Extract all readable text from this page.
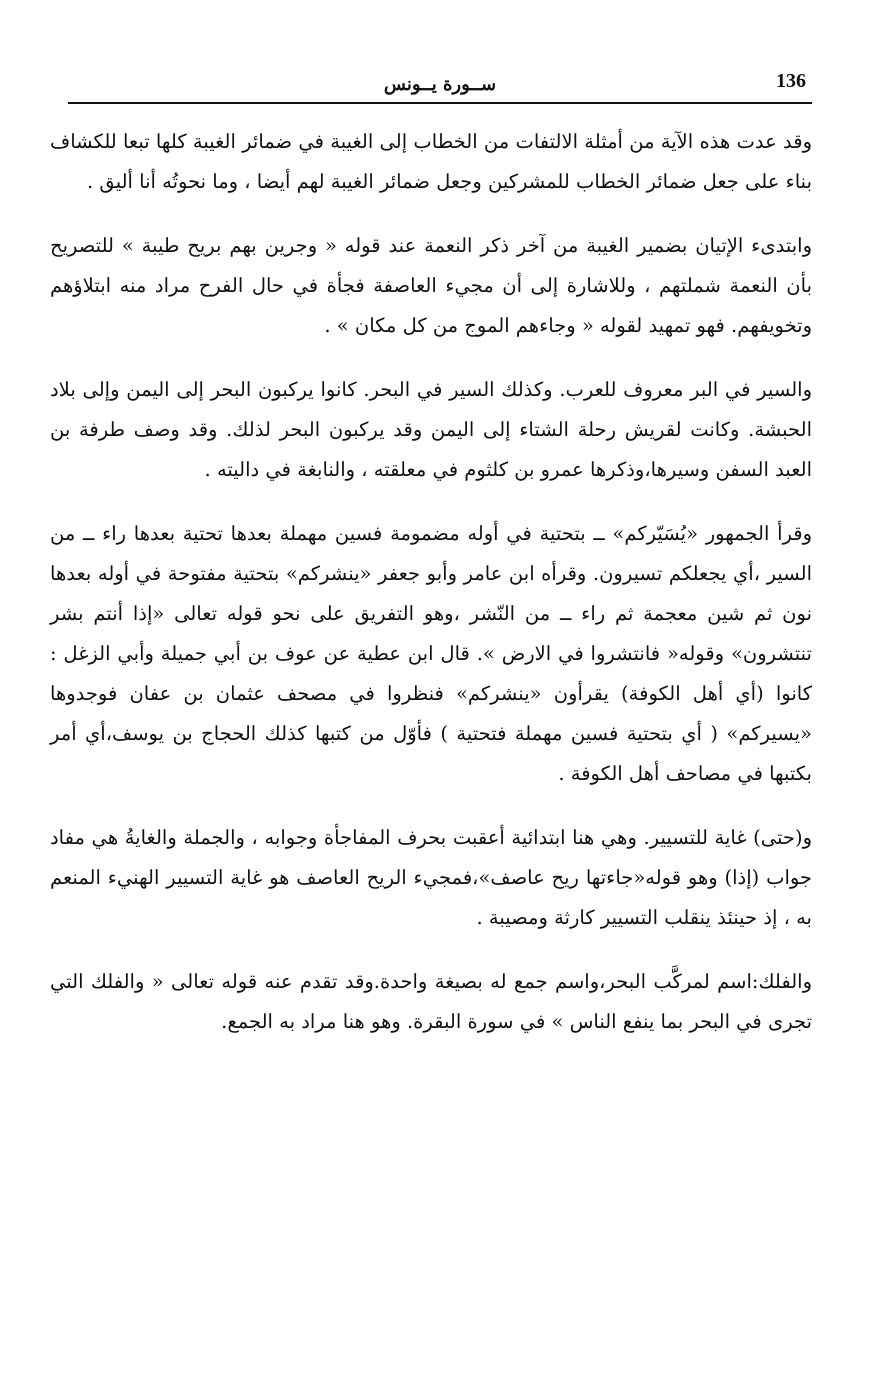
136
ســورة يــونس

وقد عدت هذه الآية من أمثلة الالتفات من الخطاب إلى الغيبة في ضمائر الغيبة كلها تبعا للكشاف بناء على جعل ضمائر الخطاب للمشركين وجعل ضمائر الغيبة لهم أيضا ، وما نحوتُه أنا أليق .

وابتدىء الإتيان بضمير الغيبة من آخر ذكر النعمة عند قوله « وجرين بهم بريح طيبة » للتصريح بأن النعمة شملتهم ، وللاشارة إلى أن مجيء العاصفة فجأة في حال الفرح مراد منه ابتلاؤهم وتخويفهم. فهو تمهيد لقوله « وجاءهم الموج من كل مكان » .

والسير في البر معروف للعرب. وكذلك السير في البحر. كانوا يركبون البحر إلى اليمن وإلى بلاد الحبشة. وكانت لقريش رحلة الشتاء إلى اليمن وقد يركبون البحر لذلك. وقد وصف طرفة بن العبد السفن وسيرها،وذكرها عمرو بن كلثوم في معلقته ، والنابغة في داليته .

وقرأ الجمهور «يُسَيّركم» ــ بتحتية في أوله مضمومة فسين مهملة بعدها تحتية بعدها راء ــ من السير ،أي يجعلكم تسيرون. وقرأه ابن عامر وأبو جعفر «ينشركم» بتحتية مفتوحة في أوله بعدها نون ثم شين معجمة ثم راء ــ من النّشر ،وهو التفريق على نحو قوله تعالى «إذا أنتم بشر تنتشرون» وقوله« فانتشروا في الارض ». قال ابن عطية عن عوف بن أبي جميلة وأبي الزغل : كانوا (أي أهل الكوفة) يقرأون «ينشركم» فنظروا في مصحف عثمان بن عفان فوجدوها «يسيركم» ( أي بتحتية فسين مهملة فتحتية ) فأوّل من كتبها كذلك الحجاج بن يوسف،أي أمر بكتبها في مصاحف أهل الكوفة .

و(حتى) غاية للتسيير. وهي هنا ابتدائية أعقبت بحرف المفاجأة وجوابه ، والجملة والغايةُ هي مفاد جواب (إذا) وهو قوله«جاءتها ريح عاصف»،فمجيء الريح العاصف هو غاية التسيير الهنيء المنعم به ، إذ حينئذ ينقلب التسيير كارثة ومصيبة .

والفلك:اسم لمركَّب البحر،واسم جمع له بصيغة واحدة.وقد تقدم عنه قوله تعالى « والفلك التي تجرى في البحر بما ينفع الناس » في سورة البقرة. وهو هنا مراد به الجمع.
